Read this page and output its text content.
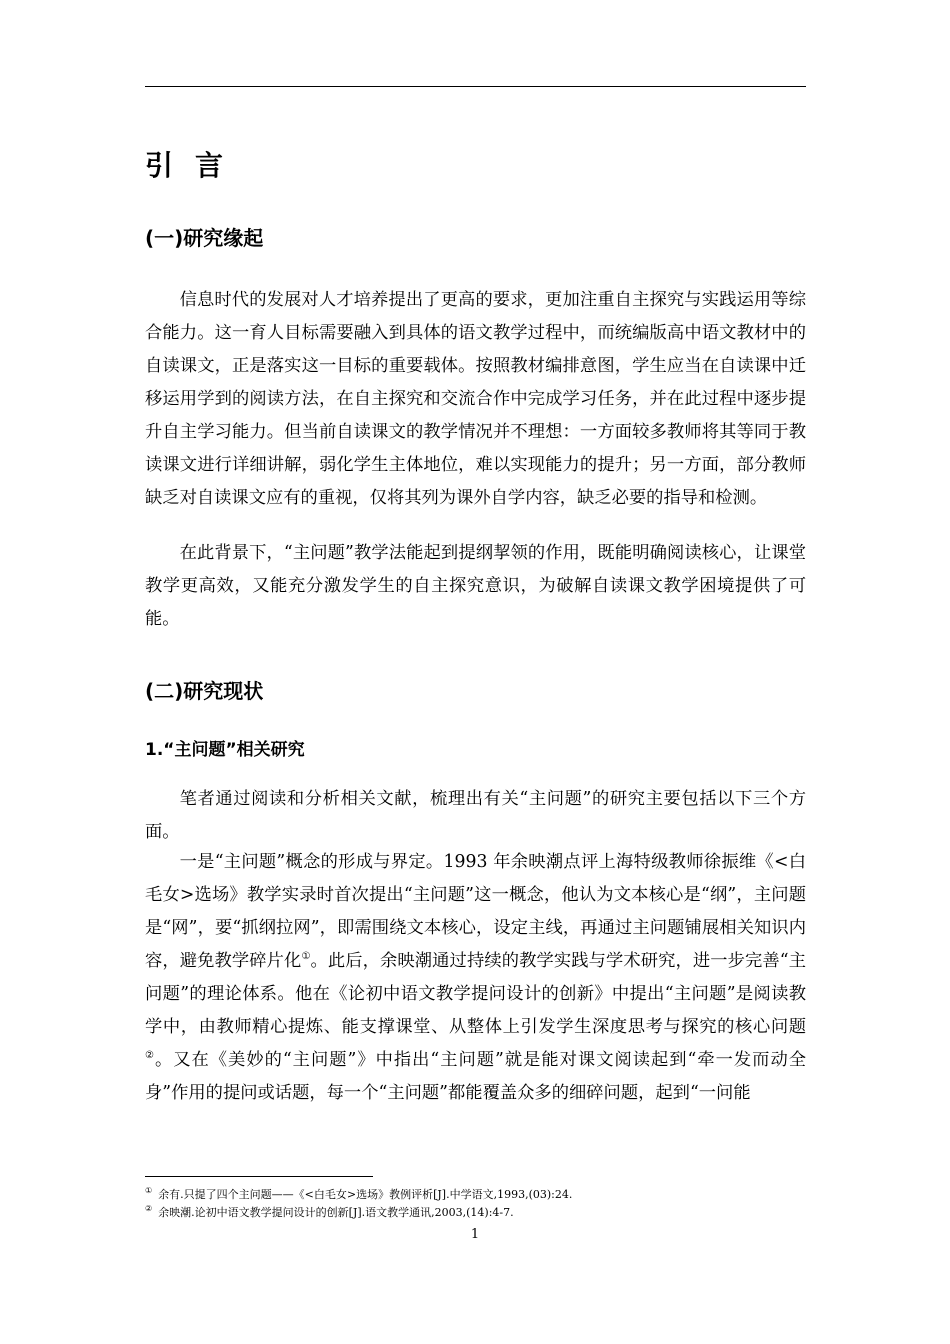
引言
(一)研究缘起

信息时代的发展对人才培养提出了更高的要求，更加注重自主探究与实践运用等综合能力。这一育人目标需要融入到具体的语文教学过程中，而统编版高中语文教材中的自读课文，正是落实这一目标的重要载体。按照教材编排意图，学生应当在自读课中迁移运用学到的阅读方法，在自主探究和交流合作中完成学习任务，并在此过程中逐步提升自主学习能力。但当前自读课文的教学情况并不理想：一方面较多教师将其等同于教读课文进行详细讲解，弱化学生主体地位，难以实现能力的提升；另一方面，部分教师缺乏对自读课文应有的重视，仅将其列为课外自学内容，缺乏必要的指导和检测。

在此背景下，“主问题”教学法能起到提纲挈领的作用，既能明确阅读核心，让课堂教学更高效，又能充分激发学生的自主探究意识，为破解自读课文教学困境提供了可能。

(二)研究现状
1.“主问题”相关研究

笔者通过阅读和分析相关文献，梳理出有关“主问题”的研究主要包括以下三个方面。

一是“主问题”概念的形成与界定。1993 年余映潮点评上海特级教师徐振维《<白毛女>选场》教学实录时首次提出“主问题”这一概念，他认为文本核心是“纲”，主问题是“网”，要“抓纲拉网”，即需围绕文本核心，设定主线，再通过主问题铺展相关知识内容，避免教学碎片化①。此后，余映潮通过持续的教学实践与学术研究，进一步完善“主问题”的理论体系。他在《论初中语文教学提问设计的创新》中提出“主问题”是阅读教学中，由教师精心提炼、能支撑课堂、从整体上引发学生深度思考与探究的核心问题②。又在《美妙的“主问题”》中指出“主问题”就是能对课文阅读起到“牵一发而动全身”作用的提问或话题，每一个“主问题”都能覆盖众多的细碎问题，起到“一问能

① 余有.只提了四个主问题——《<白毛女>选场》教例评析[J].中学语文,1993,(03):24.

② 余映潮.论初中语文教学提问设计的创新[J].语文教学通讯,2003,(14):4-7.

1
